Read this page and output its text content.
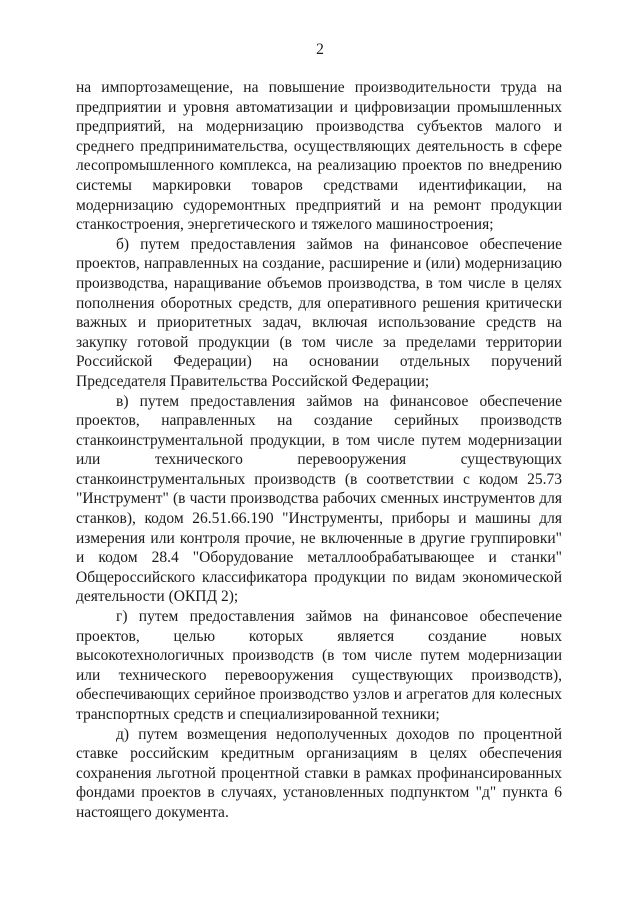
2

на импортозамещение, на повышение производительности труда на предприятии и уровня автоматизации и цифровизации промышленных предприятий, на модернизацию производства субъектов малого и среднего предпринимательства, осуществляющих деятельность в сфере лесопромышленного комплекса, на реализацию проектов по внедрению системы маркировки товаров средствами идентификации, на модернизацию судоремонтных предприятий и на ремонт продукции станкостроения, энергетического и тяжелого машиностроения;

б) путем предоставления займов на финансовое обеспечение проектов, направленных на создание, расширение и (или) модернизацию производства, наращивание объемов производства, в том числе в целях пополнения оборотных средств, для оперативного решения критически важных и приоритетных задач, включая использование средств на закупку готовой продукции (в том числе за пределами территории Российской Федерации) на основании отдельных поручений Председателя Правительства Российской Федерации;

в) путем предоставления займов на финансовое обеспечение проектов, направленных на создание серийных производств станкоинструментальной продукции, в том числе путем модернизации или технического перевооружения существующих станкоинструментальных производств (в соответствии с кодом 25.73 "Инструмент" (в части производства рабочих сменных инструментов для станков), кодом 26.51.66.190 "Инструменты, приборы и машины для измерения или контроля прочие, не включенные в другие группировки" и кодом 28.4 "Оборудование металлообрабатывающее и станки" Общероссийского классификатора продукции по видам экономической деятельности (ОКПД 2);

г) путем предоставления займов на финансовое обеспечение проектов, целью которых является создание новых высокотехнологичных производств (в том числе путем модернизации или технического перевооружения существующих производств), обеспечивающих серийное производство узлов и агрегатов для колесных транспортных средств и специализированной техники;

д) путем возмещения недополученных доходов по процентной ставке российским кредитным организациям в целях обеспечения сохранения льготной процентной ставки в рамках профинансированных фондами проектов в случаях, установленных подпунктом "д" пункта 6 настоящего документа.
